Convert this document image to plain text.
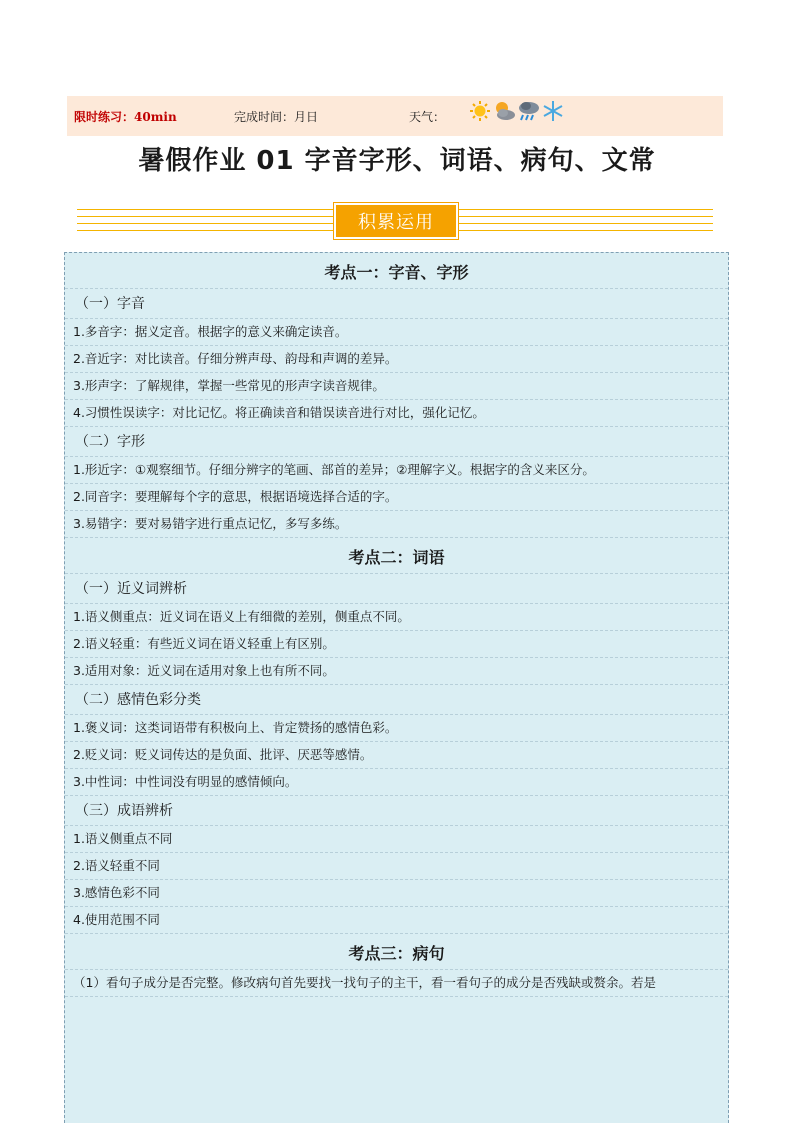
限时练习：40min	完成时间：月日	天气：
暑假作业 01 字音字形、词语、病句、文常
积累运用
考点一：字音、字形
（一）字音
1.多音字：据义定音。根据字的意义来确定读音。
2.音近字：对比读音。仔细分辨声母、韵母和声调的差异。
3.形声字：了解规律，掌握一些常见的形声字读音规律。
4.习惯性误读字：对比记忆。将正确读音和错误读音进行对比，强化记忆。
（二）字形
1.形近字：①观察细节。仔细分辨字的笔画、部首的差异；②理解字义。根据字的含义来区分。
2.同音字：要理解每个字的意思，根据语境选择合适的字。
3.易错字：要对易错字进行重点记忆，多写多练。
考点二：词语
（一）近义词辨析
1.语义侧重点：近义词在语义上有细微的差别，侧重点不同。
2.语义轻重：有些近义词在语义轻重上有区别。
3.适用对象：近义词在适用对象上也有所不同。
（二）感情色彩分类
1.褒义词：这类词语带有积极向上、肯定赞扬的感情色彩。
2.贬义词：贬义词传达的是负面、批评、厌恶等感情。
3.中性词：中性词没有明显的感情倾向。
（三）成语辨析
1.语义侧重点不同
2.语义轻重不同
3.感情色彩不同
4.使用范围不同
考点三：病句
（1）看句子成分是否完整。修改病句首先要找一找句子的主干，看一看句子的成分是否残缺或赘余。若是
